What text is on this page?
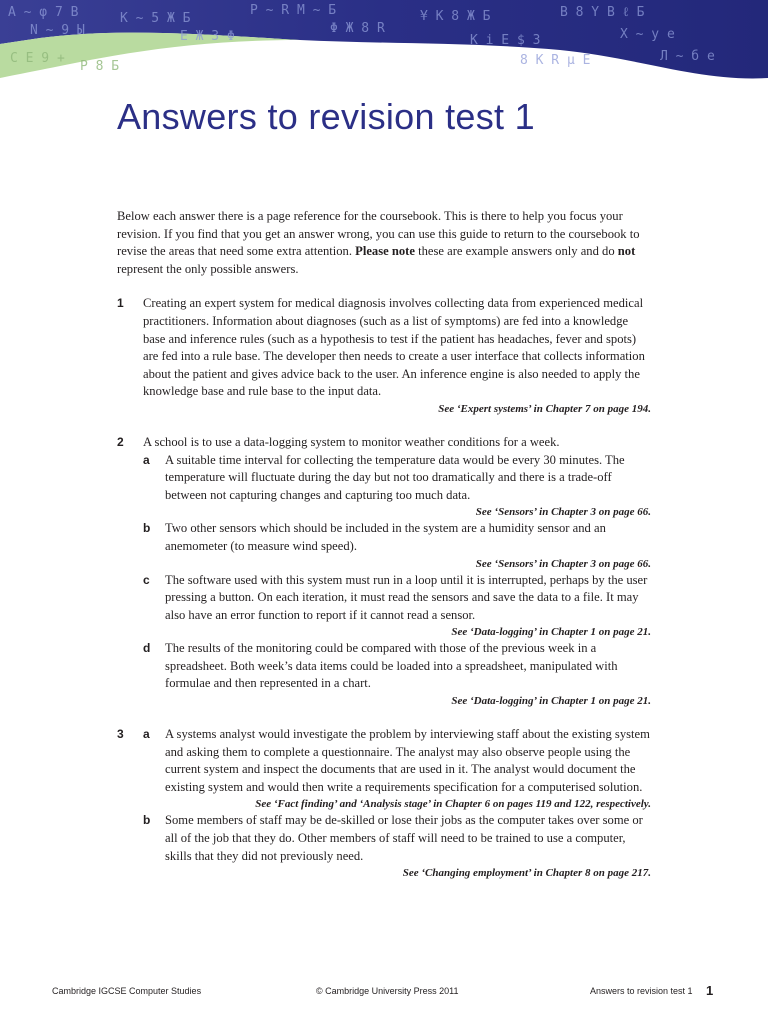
A ~ φ 7 B	K ~ 5 Ж Б
P ~ R M ~ Б	¥ K 8 Ж Б	B 8 Y B ℓ Б
N ~ 9 Ы	E Ж 3 Φ
Φ Ж 8 R
K i E $ 3	X ~ y e
8 K R μ E	Л ~ б e
C E 9 +
P 8 Б
Answers to revision test 1

Below each answer there is a page reference for the coursebook. This is there to help you focus your revision. If you find that you get an answer wrong, you can use this guide to return to the coursebook to revise the areas that need some extra attention. Please note these are example answers only and do not represent the only possible answers.

1 Creating an expert system for medical diagnosis involves collecting data from experienced medical practitioners. Information about diagnoses (such as a list of symptoms) are fed into a knowledge base and inference rules (such as a hypothesis to test if the patient has headaches, fever and spots) are fed into a rule base. The developer then needs to create a user interface that collects information about the patient and gives advice back to the user. An inference engine is also needed to apply the knowledge base and rule base to the input data.

See ‘Expert systems’ in Chapter 7 on page 194.

2 A school is to use a data-logging system to monitor weather conditions for a week.

a A suitable time interval for collecting the temperature data would be every 30 minutes. The temperature will fluctuate during the day but not too dramatically and there is a trade-off between not capturing changes and capturing too much data.

See ‘Sensors’ in Chapter 3 on page 66.

b Two other sensors which should be included in the system are a humidity sensor and an anemometer (to measure wind speed).

See ‘Sensors’ in Chapter 3 on page 66.

c The software used with this system must run in a loop until it is interrupted, perhaps by the user pressing a button. On each iteration, it must read the sensors and save the data to a file. It may also have an error function to report if it cannot read a sensor.

See ‘Data-logging’ in Chapter 1 on page 21.

d The results of the monitoring could be compared with those of the previous week in a spreadsheet. Both week’s data items could be loaded into a spreadsheet, manipulated with formulae and then represented in a chart.

See ‘Data-logging’ in Chapter 1 on page 21.

3 a A systems analyst would investigate the problem by interviewing staff about the existing system and asking them to complete a questionnaire. The analyst may also observe people using the current system and inspect the documents that are used in it. The analyst would document the existing system and would then write a requirements specification for a computerised solution.

See ‘Fact finding’ and ‘Analysis stage’ in Chapter 6 on pages 119 and 122, respectively.

b Some members of staff may be de-skilled or lose their jobs as the computer takes over some or all of the job that they do. Other members of staff will need to be trained to use a computer, skills that they did not previously need.

See ‘Changing employment’ in Chapter 8 on page 217.

Cambridge IGCSE Computer Studies	© Cambridge University Press 2011	Answers to revision test 1 1
